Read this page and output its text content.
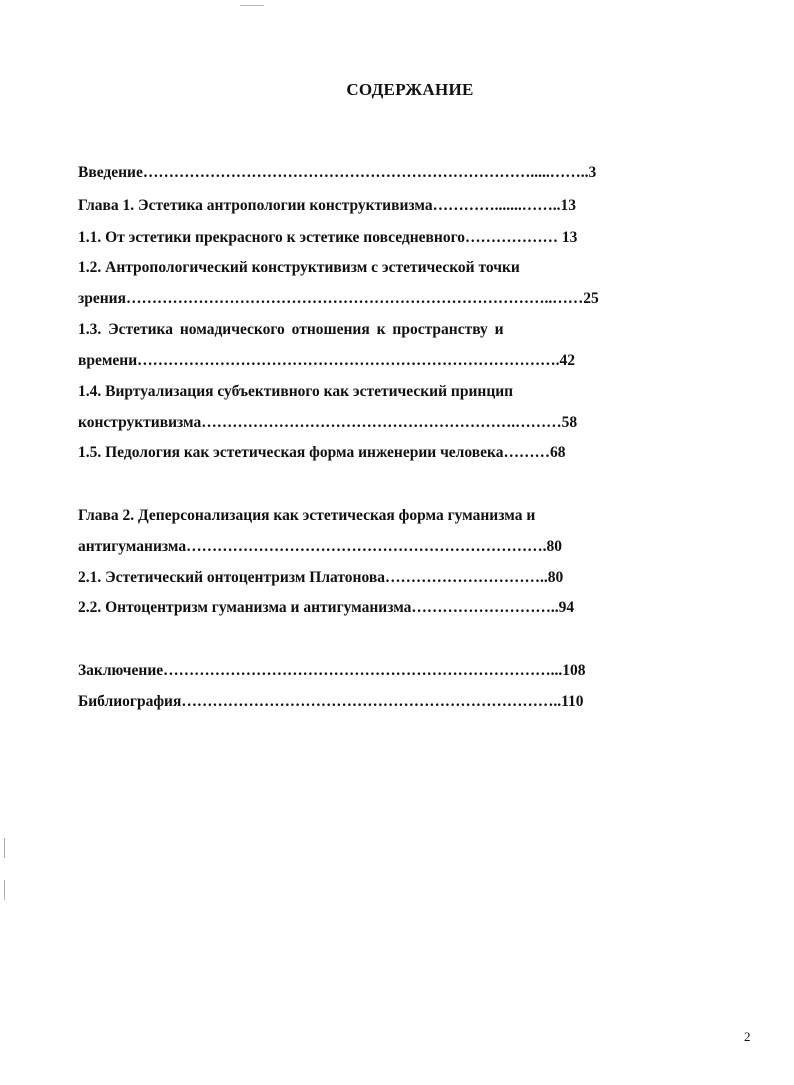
СОДЕРЖАНИЕ
Введение………………………………………………………………….....……..3
Глава 1. Эстетика антропологии конструктивизма………….......……..13
1.1. От эстетики прекрасного к эстетике повседневного……………… 13
1.2. Антропологический конструктивизм с эстетической точки
зрения………………………………………………………………………..……25
1.3. Эстетика номадического отношения к пространству и
времени……………………………………………………………………….42
1.4. Виртуализация субъективного как эстетический принцип
конструктивизма…………………………………………………….………58
1.5. Педология как эстетическая форма инженерии человека………68
Глава 2. Деперсонализация как эстетическая форма гуманизма и
антигуманизма…………………………………………………………….80
2.1. Эстетический онтоцентризм Платонова…………………………..80
2.2. Онтоцентризм гуманизма и антигуманизма………………………..94
Заключение…………………………………………………………………...108
Библиография………………………………………………………………..110
2
